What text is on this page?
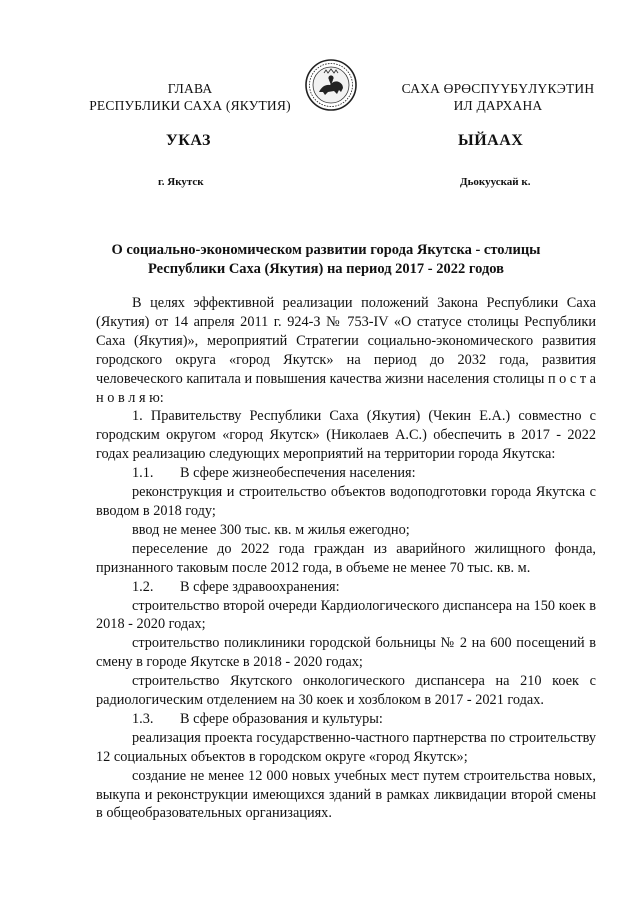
ГЛАВА
РЕСПУБЛИКИ САХА (ЯКУТИЯ)
САХА ӨРӨСПҮҮБҮЛҮКЭТИН
ИЛ ДАРХАНА
УКАЗ	ЫЙААХ
г. Якутск	Дьокуускай к.
О социально-экономическом развитии города Якутска - столицы
Республики Саха (Якутия) на период 2017 - 2022 годов

В целях эффективной реализации положений Закона Республики Саха (Якутия) от 14 апреля 2011 г. 924-З № 753-IV «О статусе столицы Республики Саха (Якутия)», мероприятий Стратегии социально-экономического развития городского округа «город Якутск» на период до 2032 года, развития человеческого капитала и повышения качества жизни населения столицы п о с т а н о в л я ю:

1. Правительству Республики Саха (Якутия) (Чекин Е.А.) совместно с городским округом «город Якутск» (Николаев А.С.) обеспечить в 2017 - 2022 годах реализацию следующих мероприятий на территории города Якутска:

1.1. В сфере жизнеобеспечения населения:

реконструкция и строительство объектов водоподготовки города Якутска с вводом в 2018 году;

ввод не менее 300 тыс. кв. м жилья ежегодно;

переселение до 2022 года граждан из аварийного жилищного фонда, признанного таковым после 2012 года, в объеме не менее 70 тыс. кв. м.

1.2. В сфере здравоохранения:

строительство второй очереди Кардиологического диспансера на 150 коек в 2018 - 2020 годах;

строительство поликлиники городской больницы № 2 на 600 посещений в смену в городе Якутске в 2018 - 2020 годах;

строительство Якутского онкологического диспансера на 210 коек с радиологическим отделением на 30 коек и хозблоком в 2017 - 2021 годах.

1.3. В сфере образования и культуры:

реализация проекта государственно-частного партнерства по строительству 12 социальных объектов в городском округе «город Якутск»;

создание не менее 12 000 новых учебных мест путем строительства новых, выкупа и реконструкции имеющихся зданий в рамках ликвидации второй смены в общеобразовательных организациях.
